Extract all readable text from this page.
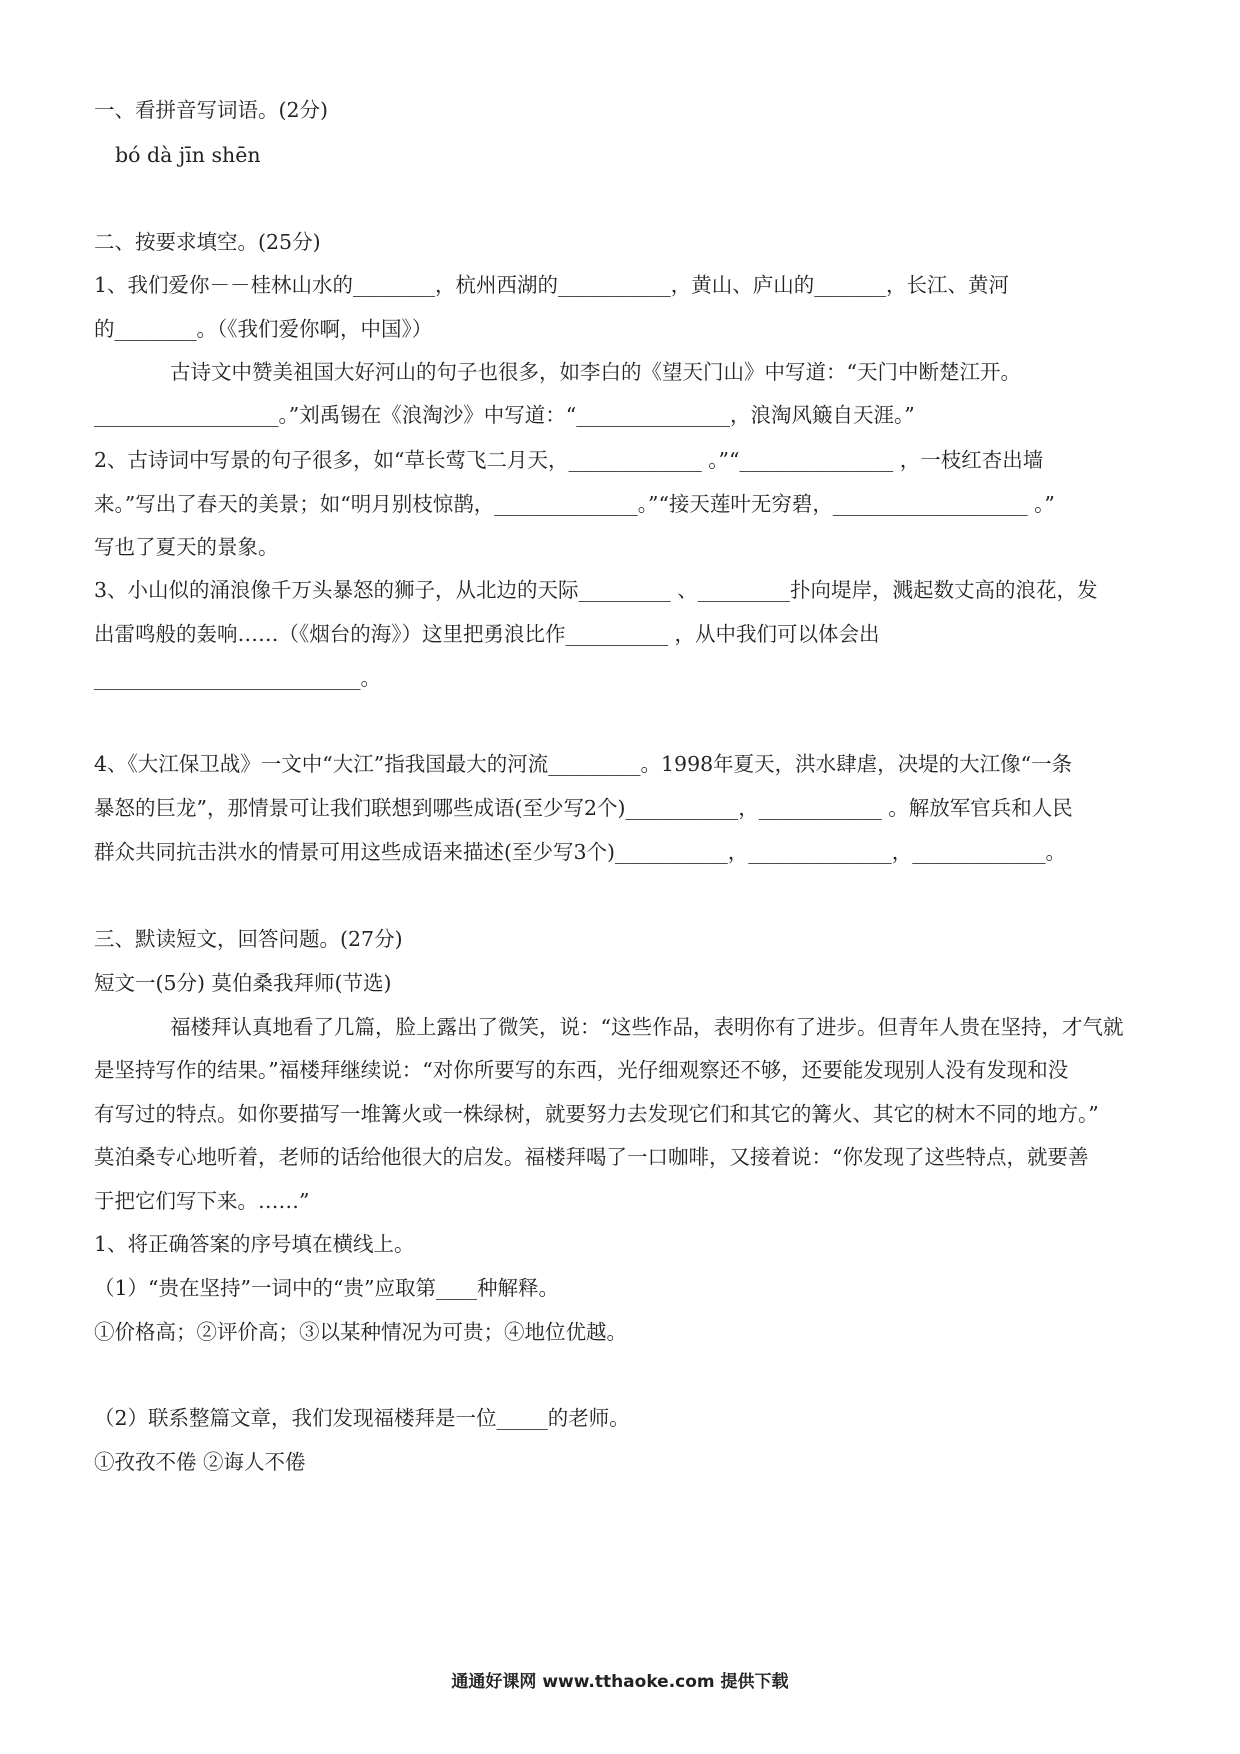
一、看拼音写词语。(2分)
bó dà jīn shēn
二、按要求填空。(25分)
1、我们爱你－－桂林山水的________，杭州西湖的___________，黄山、庐山的_______，长江、黄河
的________。（《我们爱你啊，中国》）
古诗文中赞美祖国大好河山的句子也很多，如李白的《望天门山》中写道：“天门中断楚江开。
__________________。”刘禹锡在《浪淘沙》中写道：“_______________，浪淘风簸自天涯。”
2、古诗词中写景的句子很多，如“草长莺飞二月天，_____________ 。”“_______________ ，一枝红杏出墙
来。”写出了春天的美景；如“明月别枝惊鹊，______________。”“接天莲叶无穷碧，___________________ 。”
写也了夏天的景象。
3、小山似的涌浪像千万头暴怒的狮子，从北边的天际_________ 、_________扑向堤岸，溅起数丈高的浪花，发
出雷鸣般的轰响……（《烟台的海》）这里把勇浪比作__________ ，从中我们可以体会出
__________________________。
4、《大江保卫战》一文中“大江”指我国最大的河流_________。1998年夏天，洪水肆虐，决堤的大江像“一条
暴怒的巨龙”，那情景可让我们联想到哪些成语(至少写2个)___________，____________ 。解放军官兵和人民
群众共同抗击洪水的情景可用这些成语来描述(至少写3个)___________，______________，_____________。
三、默读短文，回答问题。(27分)
短文一(5分) 莫伯桑我拜师(节选)
福楼拜认真地看了几篇，脸上露出了微笑，说：“这些作品，表明你有了进步。但青年人贵在坚持，才气就
是坚持写作的结果。”福楼拜继续说：“对你所要写的东西，光仔细观察还不够，还要能发现别人没有发现和没
有写过的特点。如你要描写一堆篝火或一株绿树，就要努力去发现它们和其它的篝火、其它的树木不同的地方。”
莫泊桑专心地听着，老师的话给他很大的启发。福楼拜喝了一口咖啡，又接着说：“你发现了这些特点，就要善
于把它们写下来。……”
1、将正确答案的序号填在横线上。
（1）“贵在坚持”一词中的“贵”应取第____种解释。
①价格高；②评价高；③以某种情况为可贵；④地位优越。
（2）联系整篇文章，我们发现福楼拜是一位_____的老师。
①孜孜不倦 ②诲人不倦
通通好课网 www.tthaoke.com 提供下载
